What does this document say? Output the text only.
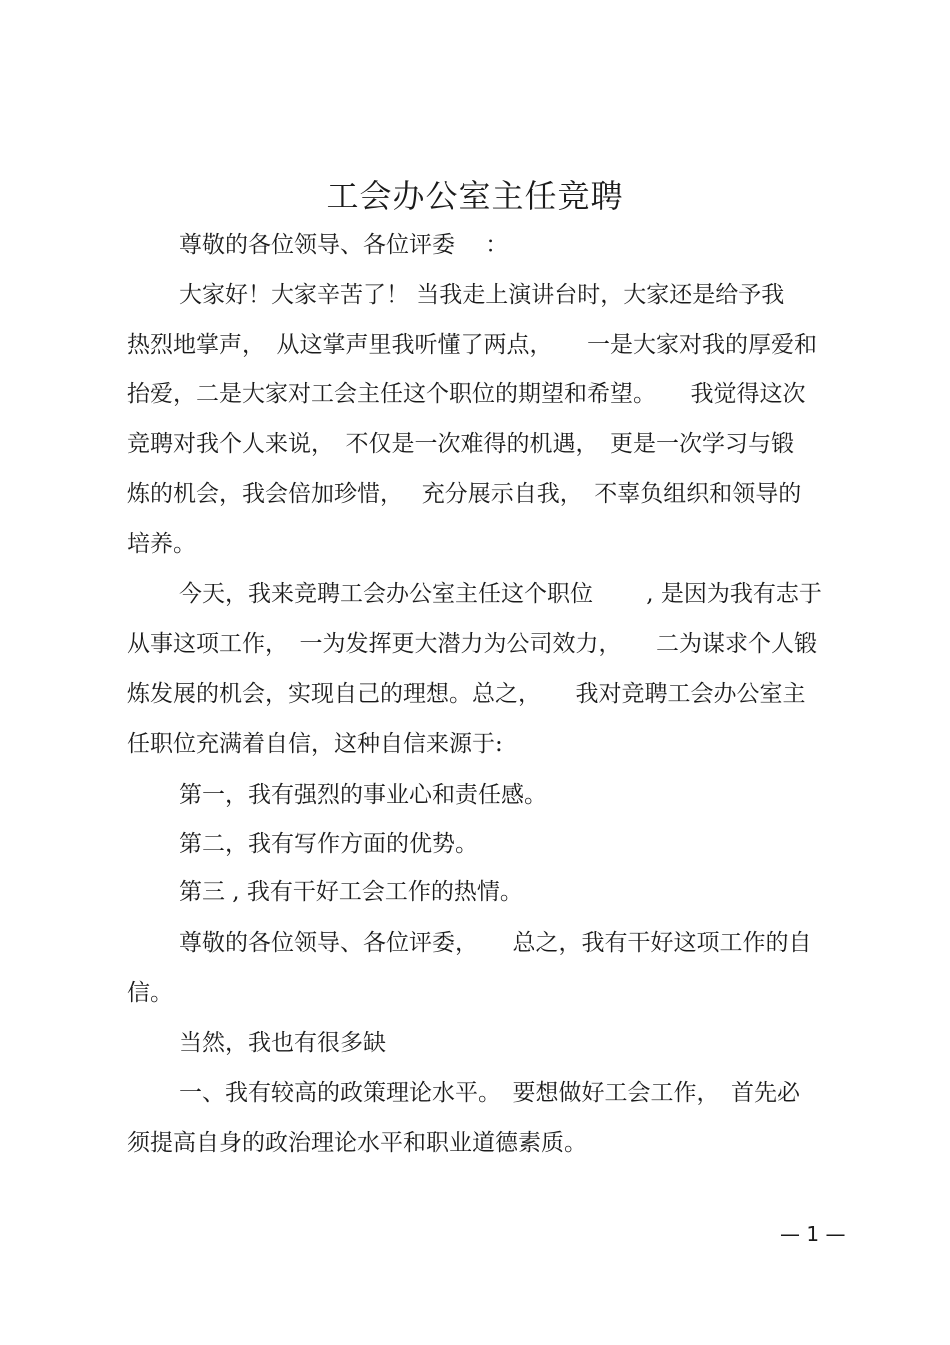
工会办公室主任竞聘
尊敬的各位领导、各位评委　 ：
大家好！大家辛苦了！ 当我走上演讲台时，大家还是给予我
热烈地掌声，　从这掌声里我听懂了两点，　　一是大家对我的厚爱和
抬爱，二是大家对工会主任这个职位的期望和希望。　　我觉得这次
竞聘对我个人来说，　不仅是一次难得的机遇，　更是一次学习与锻
炼的机会，我会倍加珍惜，　 充分展示自我，　不辜负组织和领导的
培养。
今天，我来竞聘工会办公室主任这个职位　　 , 是因为我有志于
从事这项工作，　一为发挥更大潜力为公司效力，　　二为谋求个人锻
炼发展的机会，实现自己的理想。总之，　　我对竞聘工会办公室主
任职位充满着自信，这种自信来源于:
第一，我有强烈的事业心和责任感。
第二，我有写作方面的优势。
第三 , 我有干好工会工作的热情。
尊敬的各位领导、各位评委，　　总之，我有干好这项工作的自
信。
当然，我也有很多缺
一、我有较高的政策理论水平。　要想做好工会工作，　首先必
须提高自身的政治理论水平和职业道德素质。
— 1 —
